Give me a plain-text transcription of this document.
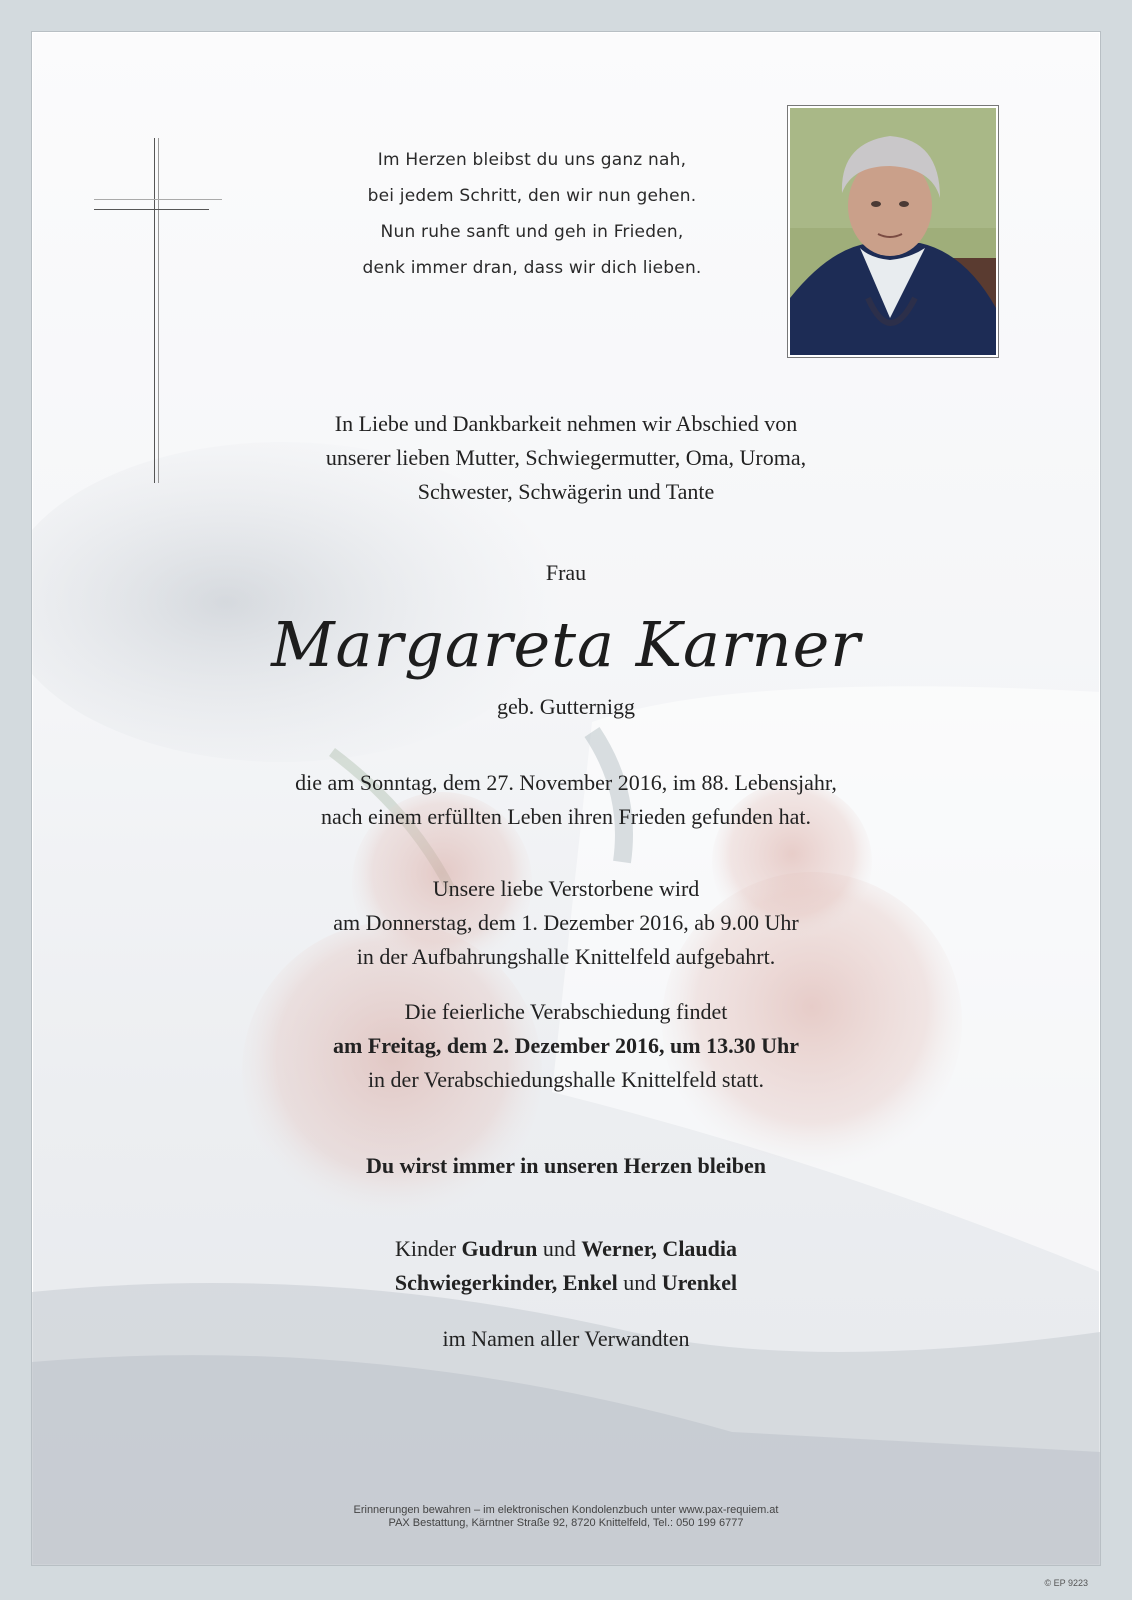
Im Herzen bleibst du uns ganz nah,
bei jedem Schritt, den wir nun gehen.
Nun ruhe sanft und geh in Frieden,
denk immer dran, dass wir dich lieben.
In Liebe und Dankbarkeit nehmen wir Abschied von
unserer lieben Mutter, Schwiegermutter, Oma, Uroma,
Schwester, Schwägerin und Tante
Frau
Margareta Karner
geb. Gutternigg
die am Sonntag, dem 27. November 2016, im 88. Lebensjahr,
nach einem erfüllten Leben ihren Frieden gefunden hat.
Unsere liebe Verstorbene wird
am Donnerstag, dem 1. Dezember 2016, ab 9.00 Uhr
in der Aufbahrungshalle Knittelfeld aufgebahrt.
Die feierliche Verabschiedung findet
am Freitag, dem 2. Dezember 2016, um 13.30 Uhr
in der Verabschiedungshalle Knittelfeld statt.
Du wirst immer in unseren Herzen bleiben
Kinder Gudrun und Werner, Claudia
Schwiegerkinder, Enkel und Urenkel
im Namen aller Verwandten
Erinnerungen bewahren – im elektronischen Kondolenzbuch unter www.pax-requiem.at
PAX Bestattung, Kärntner Straße 92, 8720 Knittelfeld, Tel.: 050 199 6777
© EP 9223
